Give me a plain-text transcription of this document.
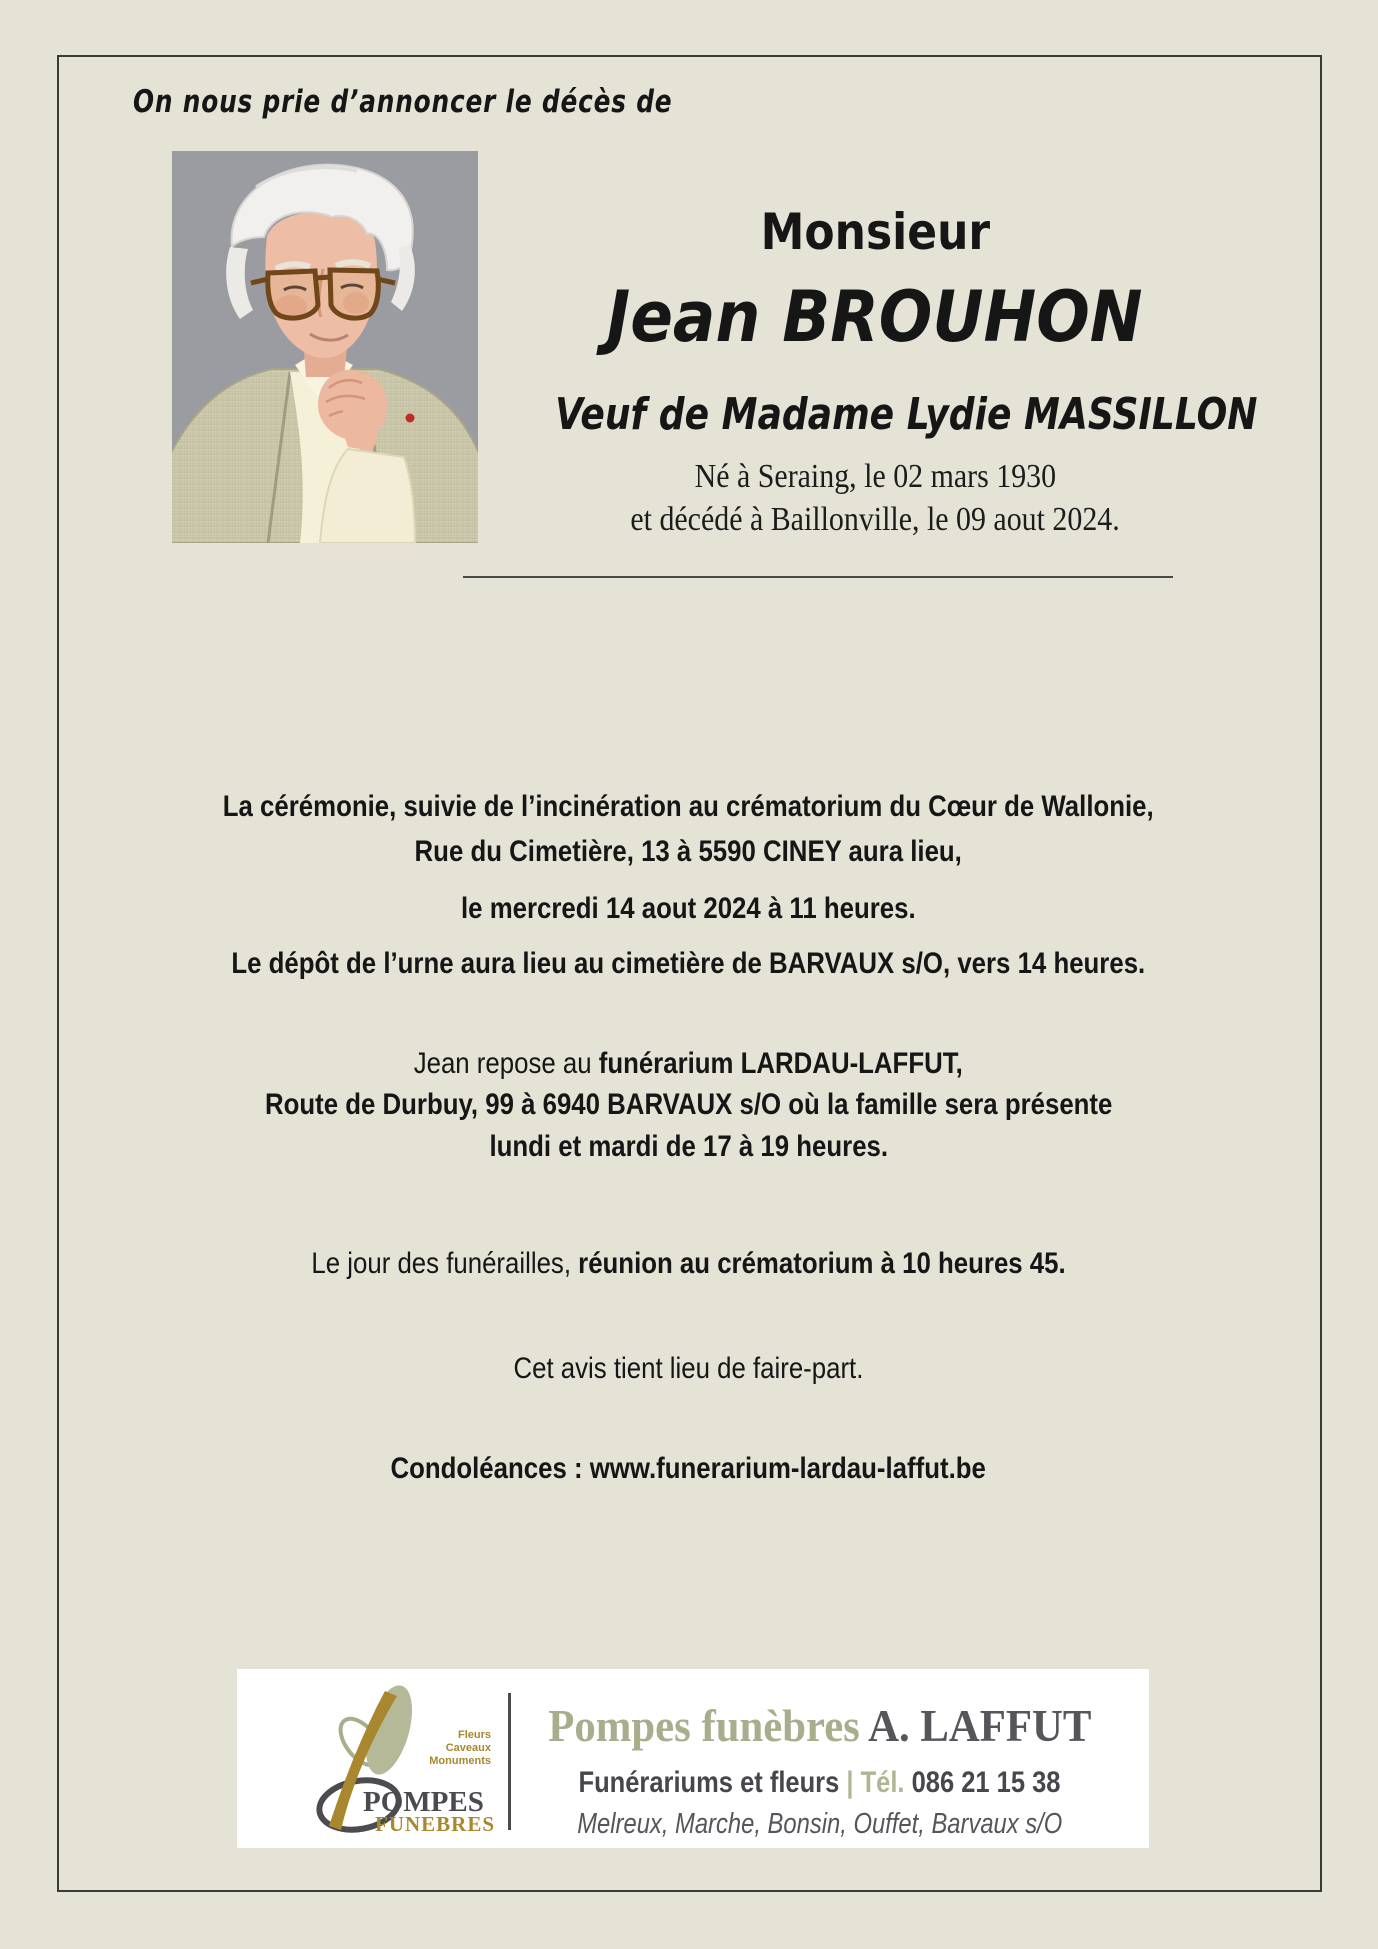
On nous prie d’annoncer le décès de
Monsieur
Jean BROUHON
Veuf de Madame Lydie MASSILLON
Né à Seraing, le 02 mars 1930
et décédé à Baillonville, le 09 aout 2024.
La cérémonie, suivie de l’incinération au crématorium du Cœur de Wallonie,
Rue du Cimetière, 13 à 5590 CINEY aura lieu,
le mercredi 14 aout 2024 à 11 heures.
Le dépôt de l’urne aura lieu au cimetière de BARVAUX s/O, vers 14 heures.
Jean repose au funérarium LARDAU-LAFFUT,
Route de Durbuy, 99 à 6940 BARVAUX s/O où la famille sera présente
lundi et mardi de 17 à 19 heures.
Le jour des funérailles, réunion au crématorium à 10 heures 45.
Cet avis tient lieu de faire-part.
Condoléances : www.funerarium-lardau-laffut.be
Fleurs
Caveaux
Monuments
POMPES
FUNEBRES
Pompes funèbres A. LAFFUT
Funérariums et fleurs | Tél. 086 21 15 38
Melreux, Marche, Bonsin, Ouffet, Barvaux s/O
